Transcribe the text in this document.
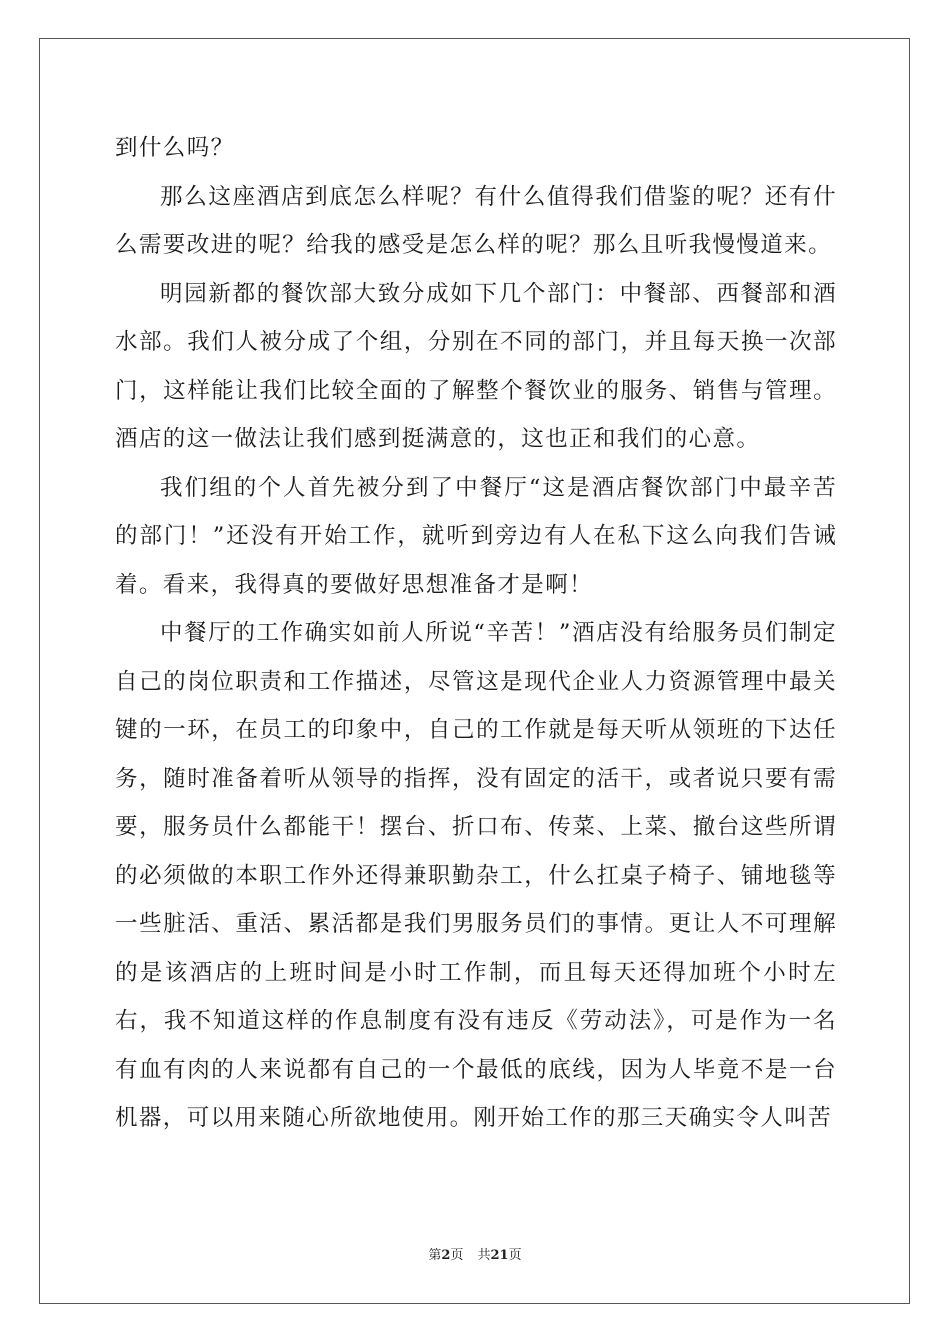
到什么吗？

那么这座酒店到底怎么样呢？有什么值得我们借鉴的呢？还有什么需要改进的呢？给我的感受是怎么样的呢？那么且听我慢慢道来。

明园新都的餐饮部大致分成如下几个部门：中餐部、西餐部和酒水部。我们人被分成了个组，分别在不同的部门，并且每天换一次部门，这样能让我们比较全面的了解整个餐饮业的服务、销售与管理。酒店的这一做法让我们感到挺满意的，这也正和我们的心意。

我们组的个人首先被分到了中餐厅“这是酒店餐饮部门中最辛苦的部门！”还没有开始工作，就听到旁边有人在私下这么向我们告诫着。看来，我得真的要做好思想准备才是啊！

中餐厅的工作确实如前人所说“辛苦！”酒店没有给服务员们制定自己的岗位职责和工作描述，尽管这是现代企业人力资源管理中最关键的一环，在员工的印象中，自己的工作就是每天听从领班的下达任务，随时准备着听从领导的指挥，没有固定的活干，或者说只要有需要，服务员什么都能干！摆台、折口布、传菜、上菜、撤台这些所谓的必须做的本职工作外还得兼职勤杂工，什么扛桌子椅子、铺地毯等一些脏活、重活、累活都是我们男服务员们的事情。更让人不可理解的是该酒店的上班时间是小时工作制，而且每天还得加班个小时左右，我不知道这样的作息制度有没有违反《劳动法》，可是作为一名有血有肉的人来说都有自己的一个最低的底线，因为人毕竟不是一台机器，可以用来随心所欲地使用。刚开始工作的那三天确实令人叫苦

第2页 共21页
